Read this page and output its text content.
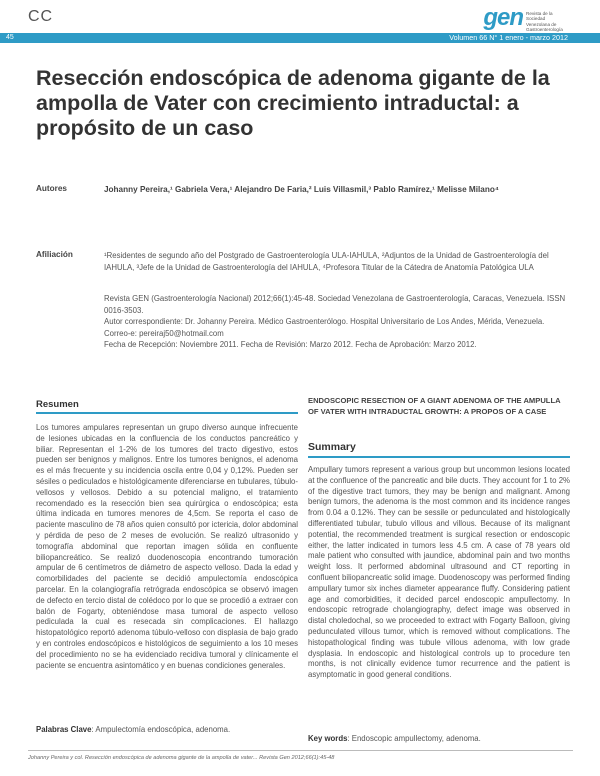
CC	gen Revista de la Sociedad Venezolana de Gastroenterología
45	Volumen 66 N° 1 enero - marzo 2012
Resección endoscópica de adenoma gigante de la ampolla de Vater con crecimiento intraductal: a propósito de un caso
Autores	Johanny Pereira,¹ Gabriela Vera,¹ Alejandro De Faria,² Luis Villasmil,³ Pablo Ramírez,¹ Melisse Milano⁴
Afiliación	¹Residentes de segundo año del Postgrado de Gastroenterología ULA-IAHULA, ²Adjuntos de la Unidad de Gastroenterología del IAHULA, ³Jefe de la Unidad de Gastroenterología del IAHULA, ⁴Profesora Titular de la Cátedra de Anatomía Patológica ULA

Revista GEN (Gastroenterología Nacional) 2012;66(1):45-48. Sociedad Venezolana de Gastroenterología, Caracas, Venezuela. ISSN 0016-3503.

Autor correspondiente: Dr. Johanny Pereira. Médico Gastroenterólogo. Hospital Universitario de Los Andes, Mérida, Venezuela.

Correo-e: pereiraj50@hotmail.com

Fecha de Recepción: Noviembre 2011. Fecha de Revisión: Marzo 2012. Fecha de Aprobación: Marzo 2012.

Resumen

Los tumores ampulares representan un grupo diverso aunque infrecuente de lesiones ubicadas en la confluencia de los conductos pancreático y biliar. Representan el 1-2% de los tumores del tracto digestivo, estos pueden ser benignos y malignos. Entre los tumores benignos, el adenoma es el más frecuente y su incidencia oscila entre 0,04 y 0,12%. Pueden ser sésiles o pediculados e histológicamente diferenciarse en tubulares, túbulo-vellosos y vellosos. Debido a su potencial maligno, el tratamiento recomendado es la resección bien sea quirúrgica o endoscópica; esta última indicada en tumores menores de 4,5cm. Se reporta el caso de paciente masculino de 78 años quien consultó por ictericia, dolor abdominal y pérdida de peso de 2 meses de evolución. Se realizó ultrasonido y tomografía abdominal que reportan imagen sólida en confluente biliopancreático. Se realizó duodenoscopia encontrando tumoración ampular de 6 centímetros de diámetro de aspecto velloso. Dada la edad y comorbilidades del paciente se decidió ampulectomía endoscópica parcelar. En la colangiografía retrógrada endoscópica se observó imagen de defecto en tercio distal de colédoco por lo que se procedió a extraer con balón de Fogarty, obteniéndose masa tumoral de aspecto velloso pediculada la cual es resecada sin complicaciones. El hallazgo histopatológico reportó adenoma túbulo-velloso con displasia de bajo grado y en controles endoscópicos e histológicos de seguimiento a los 10 meses del procedimiento no se ha evidenciado recidiva tumoral y clínicamente el paciente se encuentra asintomático y en buenas condiciones generales.

Palabras Clave: Ampulectomía endoscópica, adenoma.

ENDOSCOPIC RESECTION OF A GIANT ADENOMA OF THE AMPULLA OF VATER WITH INTRADUCTAL GROWTH: A PROPOS OF A CASE

Summary

Ampullary tumors represent a various group but uncommon lesions located at the confluence of the pancreatic and bile ducts. They account for 1 to 2% of the digestive tract tumors, they may be benign and malignant. Among benign tumors, the adenoma is the most common and its incidence ranges from 0.04 a 0.12%. They can be sessile or pedunculated and histologically differentiated tubular, tubulo villous and villous. Because of its malignant potential, the recommended treatment is surgical resection or endoscopic either, the latter indicated in tumors less 4.5 cm. A case of 78 years old male patient who consulted with jaundice, abdominal pain and two months weight loss. It performed abdominal ultrasound and CT reporting in confluent biliopancreatic solid image. Duodenoscopy was performed finding ampullary tumor six inches diameter appearance fluffy. Considering patient age and comorbidities, it decided parcel endoscopic ampullectomy. In endoscopic retrograde cholangiography, defect image was observed in distal choledochal, so we proceeded to extract with Fogarty Balloon, giving pedunculated villous tumor, which is removed without complications. The histopathological finding was tubule villous adenoma, with low grade dysplasia. In endoscopic and histological controls up to procedure ten months, is not clinically evidence tumor recurrence and the patient is asymptomatic in good general conditions.

Key words: Endoscopic ampullectomy, adenoma.
Johanny Pereira y col. Resección endoscópica de adenoma gigante de la ampolla de vater... Revista Gen 2012;66(1):45-48
